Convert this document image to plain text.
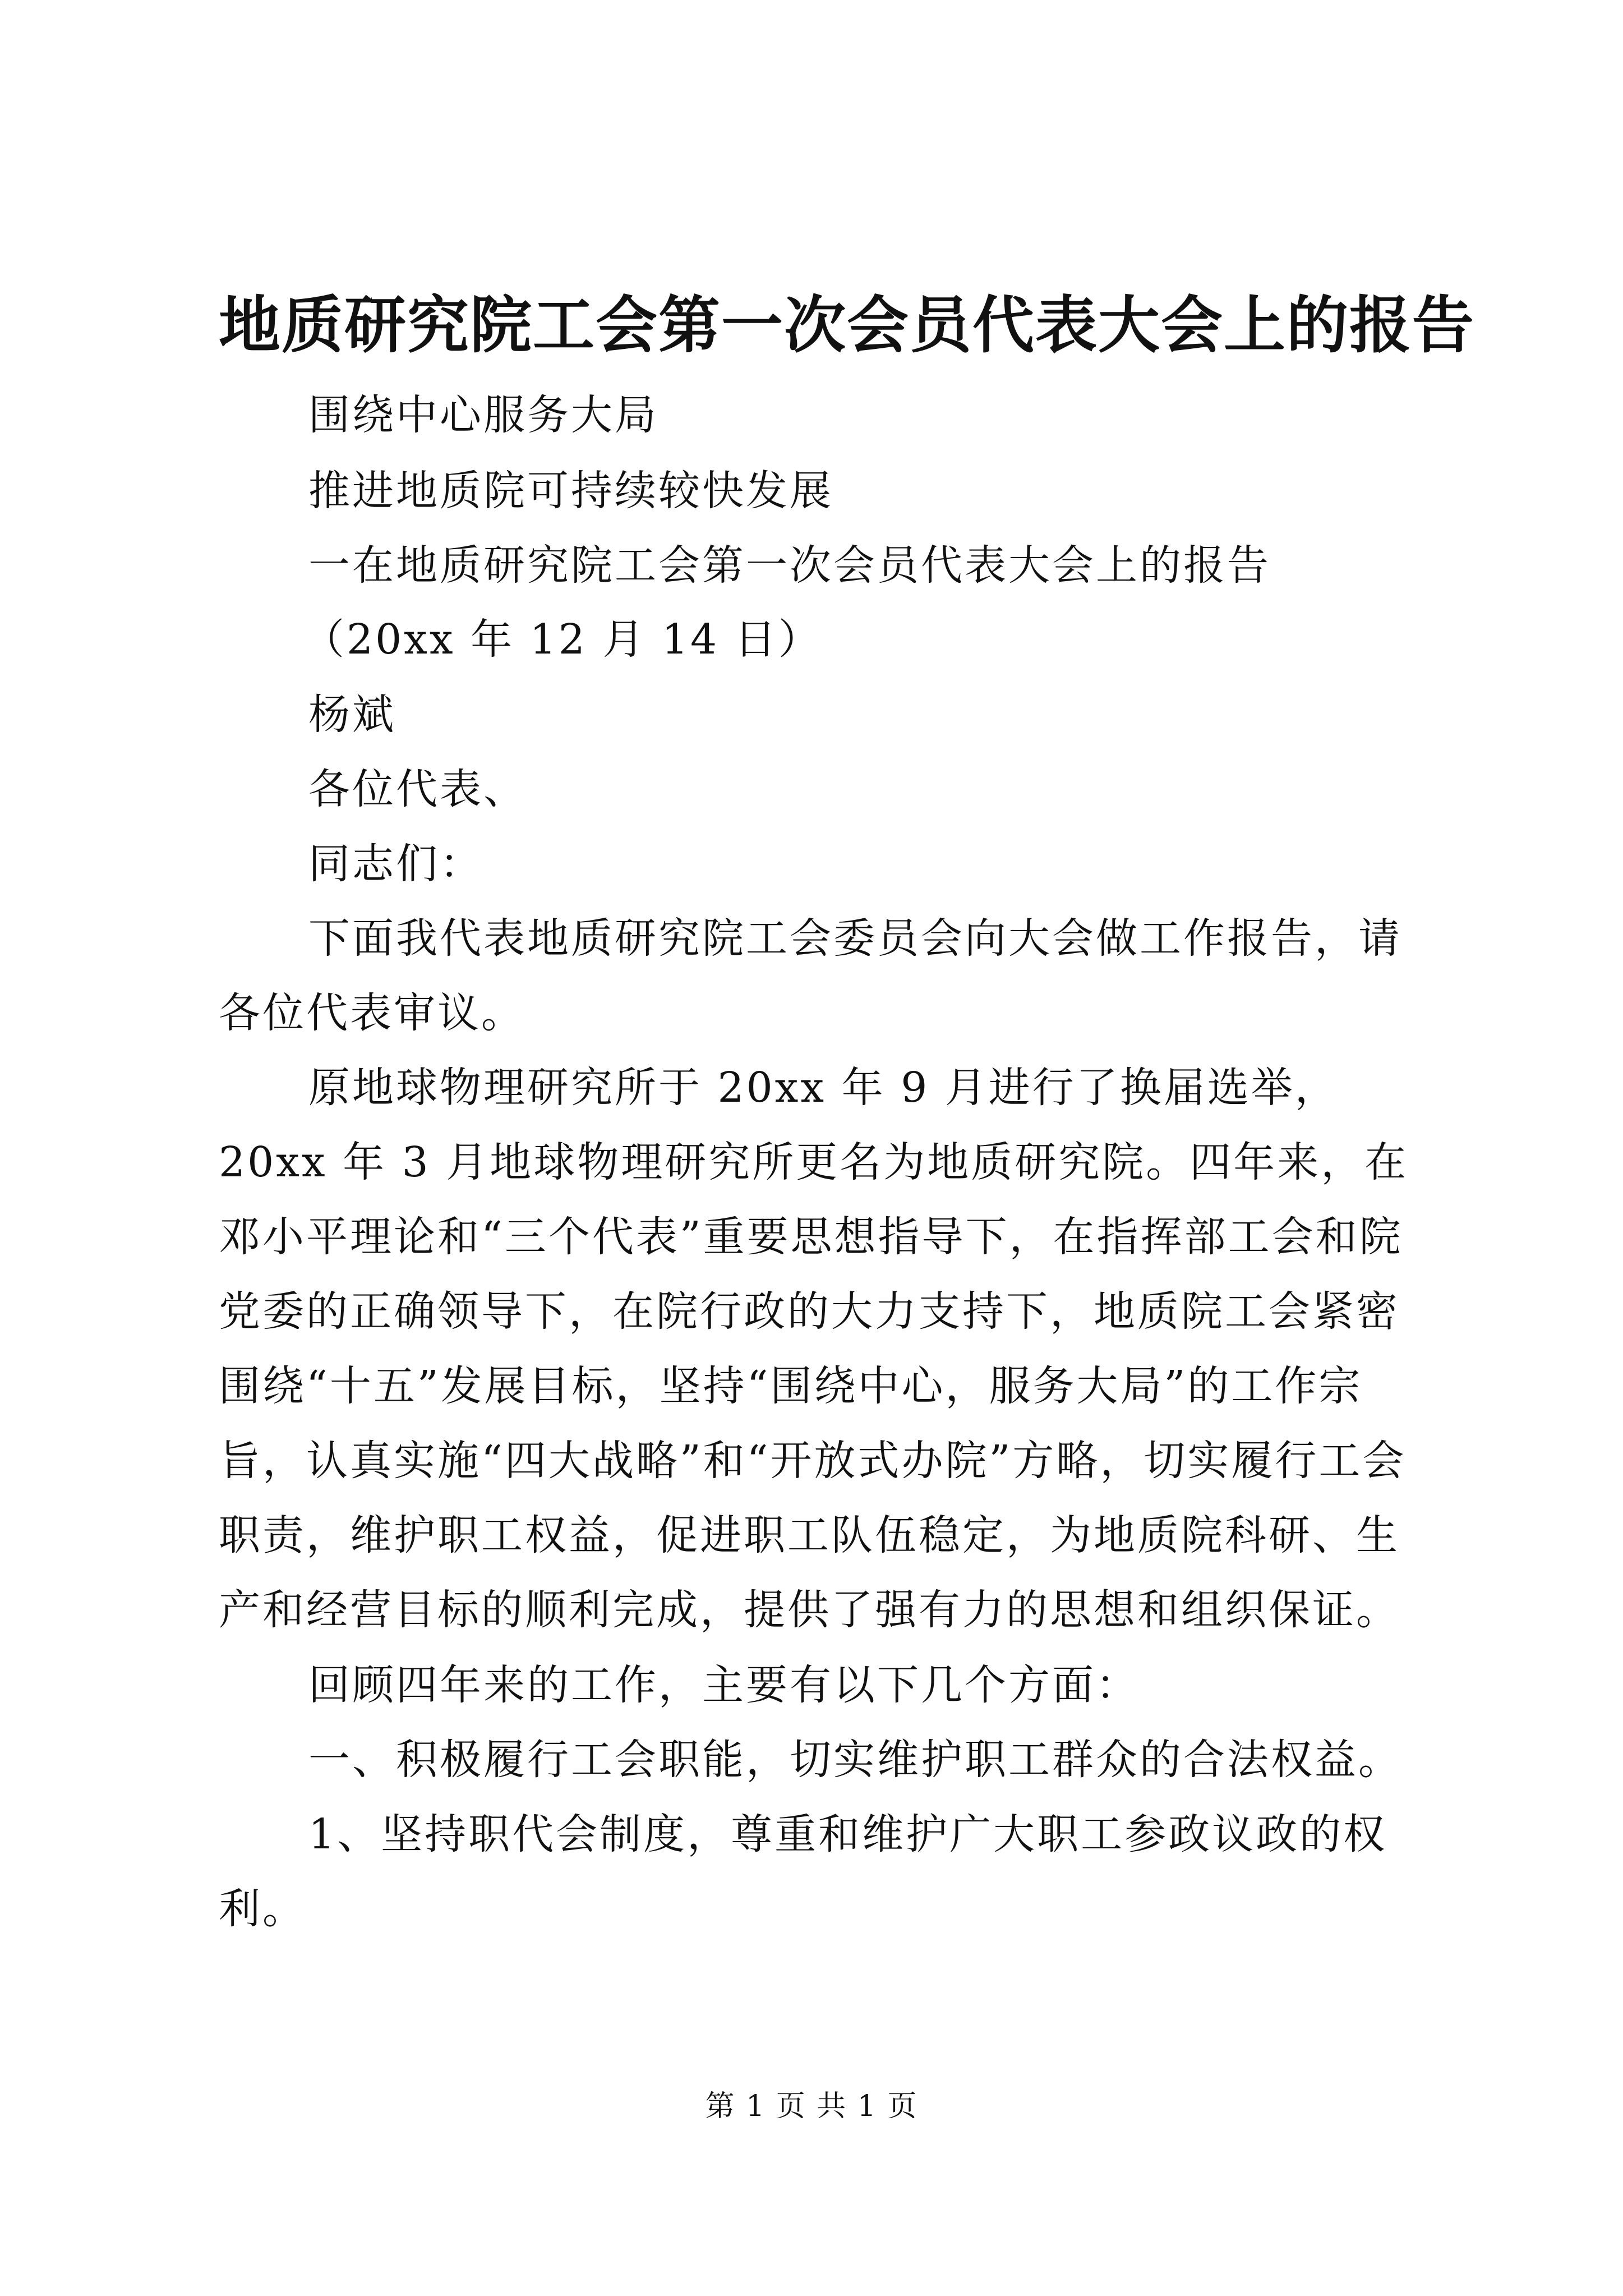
地质研究院工会第一次会员代表大会上的报告
围绕中心服务大局
推进地质院可持续较快发展
一在地质研究院工会第一次会员代表大会上的报告
（20xx 年 12 月 14 日）
杨斌
各位代表、
同志们：
下面我代表地质研究院工会委员会向大会做工作报告，请各位代表审议。
原地球物理研究所于 20xx 年 9 月进行了换届选举，20xx 年 3 月地球物理研究所更名为地质研究院。四年来，在邓小平理论和“三个代表”重要思想指导下，在指挥部工会和院党委的正确领导下，在院行政的大力支持下，地质院工会紧密围绕“十五”发展目标，坚持“围绕中心，服务大局”的工作宗旨，认真实施“四大战略”和“开放式办院”方略，切实履行工会职责，维护职工权益，促进职工队伍稳定，为地质院科研、生产和经营目标的顺利完成，提供了强有力的思想和组织保证。
回顾四年来的工作，主要有以下几个方面：
一、积极履行工会职能，切实维护职工群众的合法权益。
1、坚持职代会制度，尊重和维护广大职工参政议政的权利。
第 1 页 共 1 页
